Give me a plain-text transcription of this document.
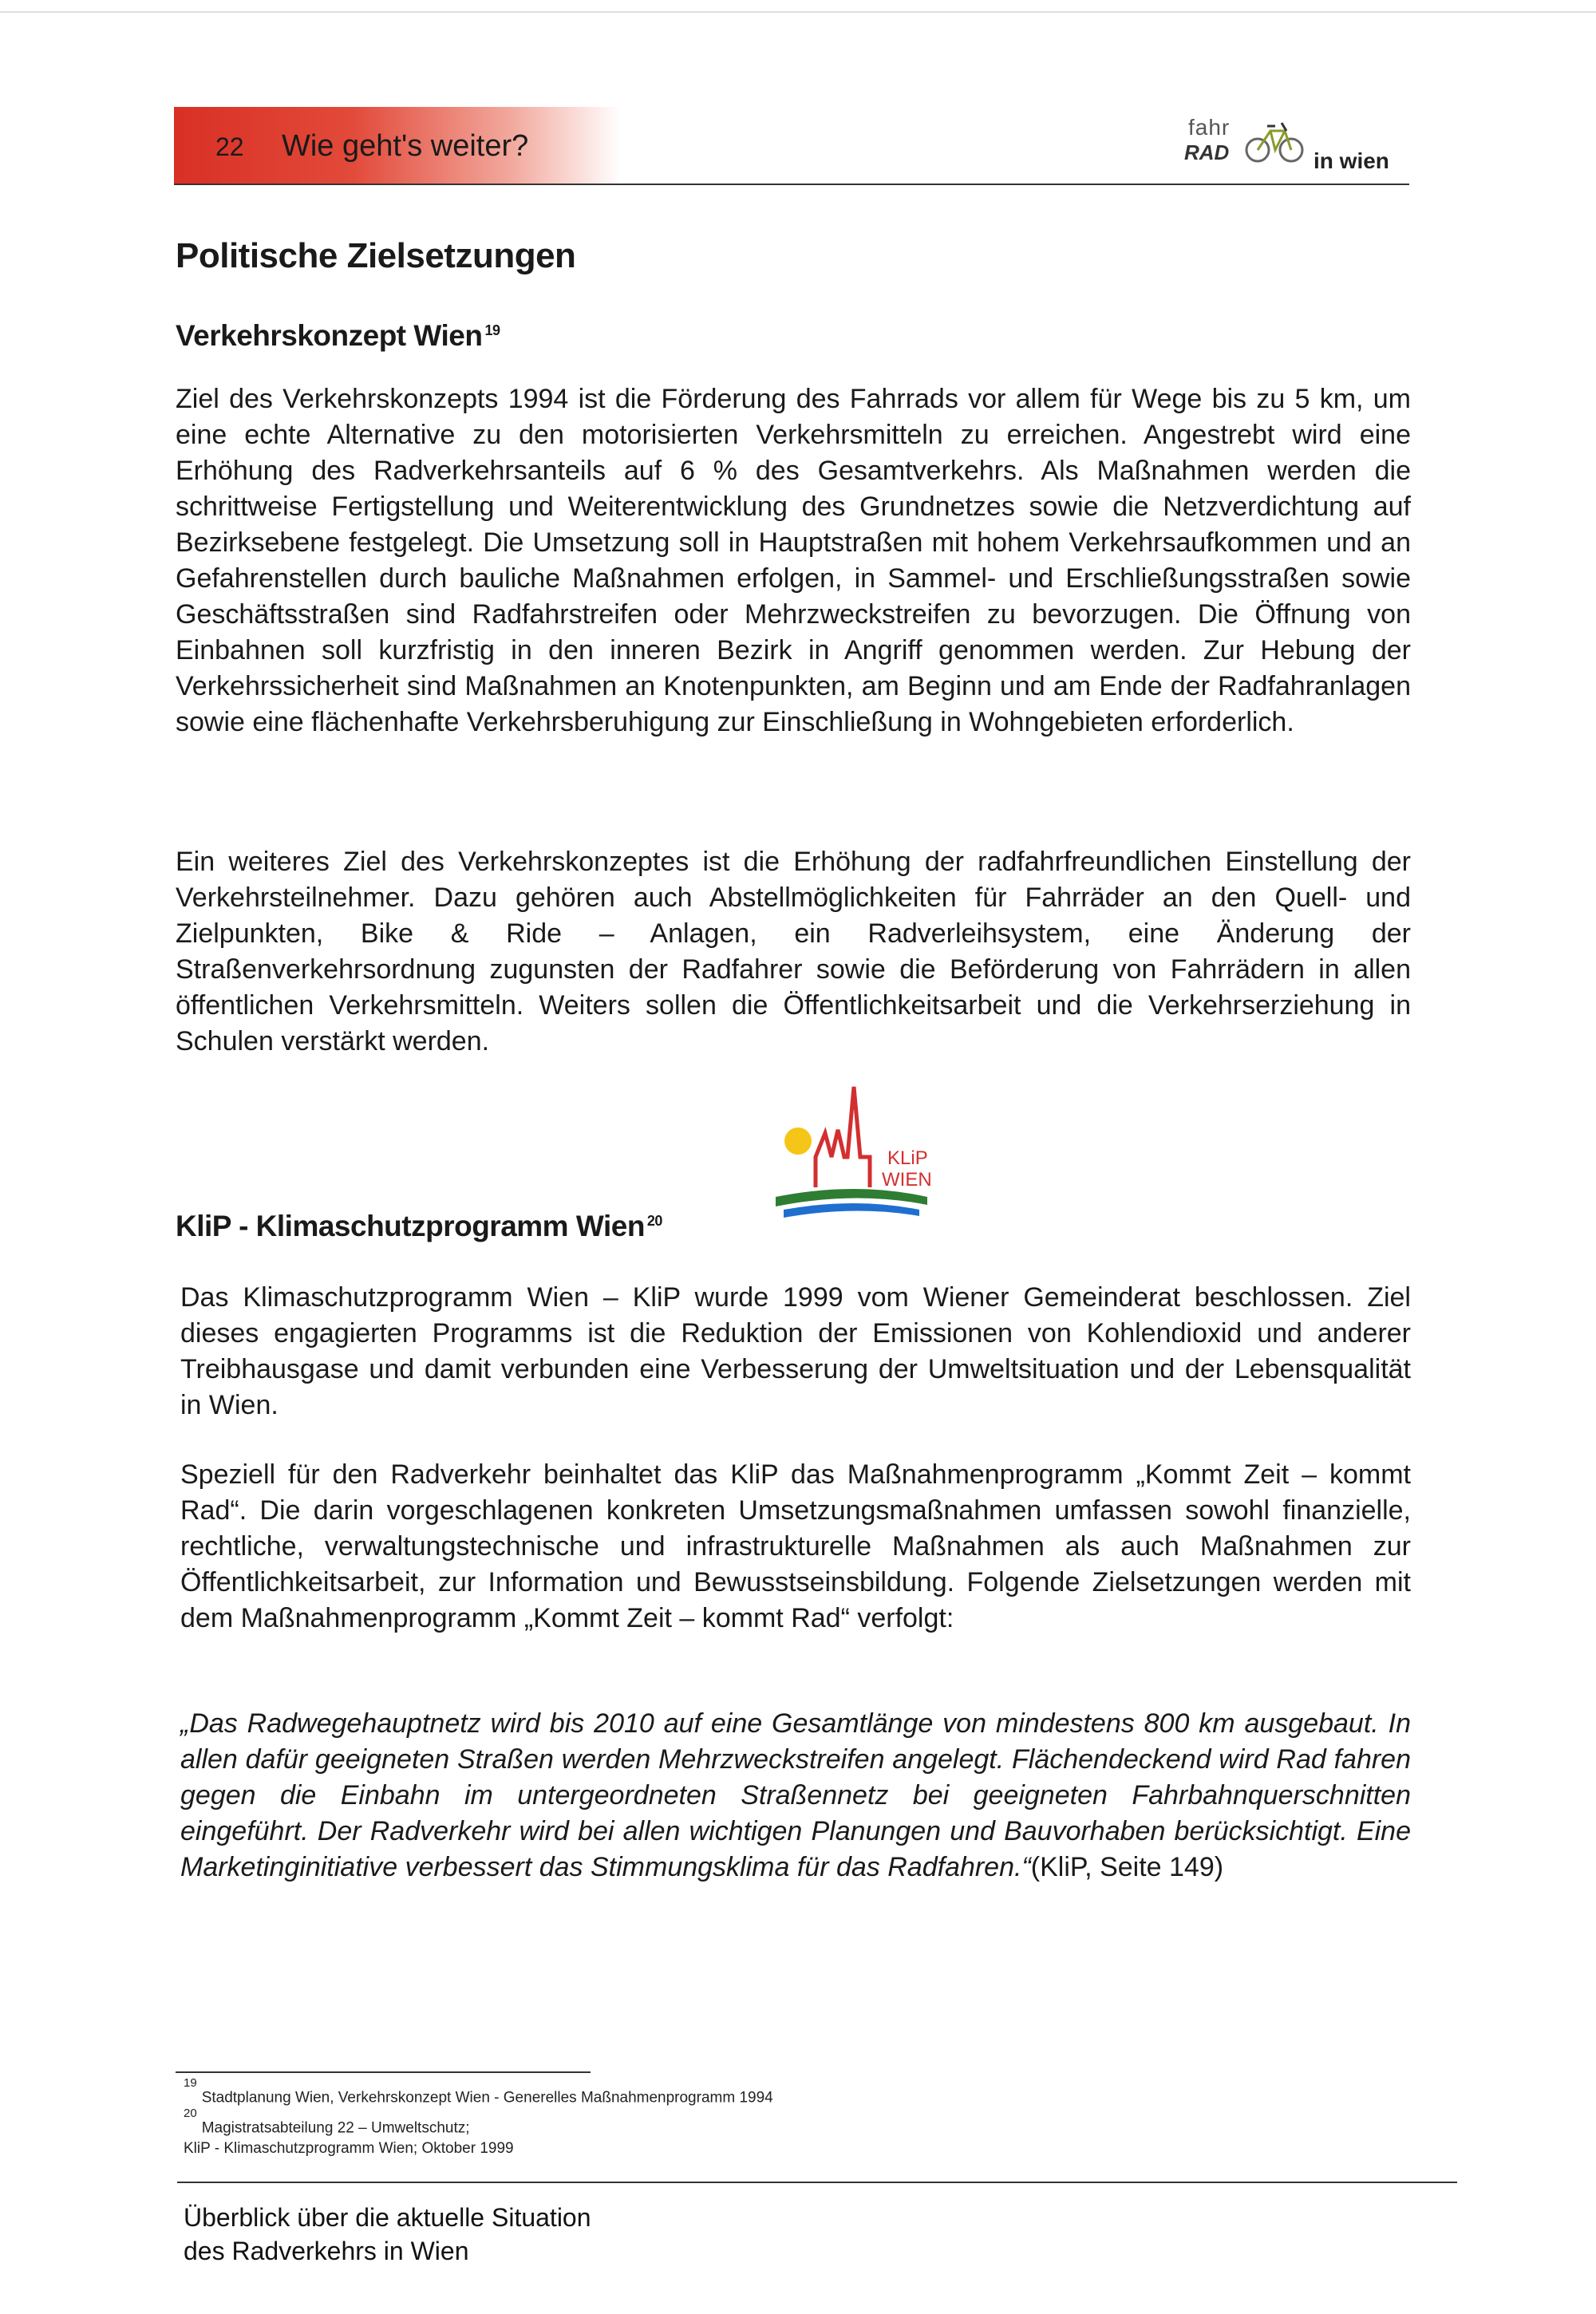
22 Wie geht's weiter?
fahr
RAD	in wien
Politische Zielsetzungen
Verkehrskonzept Wien $^{19}$

Ziel des Verkehrskonzepts 1994 ist die Förderung des Fahrrads vor allem für Wege bis zu 5 km, um eine echte Alternative zu den motorisierten Verkehrsmitteln zu erreichen. Angestrebt wird eine Erhöhung des Radverkehrsanteils auf 6 % des Gesamtverkehrs. Als Maßnahmen werden die schrittweise Fertigstellung und Weiterentwicklung des Grundnetzes sowie die Netzverdichtung auf Bezirksebene festgelegt. Die Umsetzung soll in Hauptstraßen mit hohem Verkehrsaufkommen und an Gefahrenstellen durch bauliche Maßnahmen erfolgen, in Sammel- und Erschließungsstraßen sowie Geschäftsstraßen sind Radfahrstreifen oder Mehrzweckstreifen zu bevorzugen. Die Öffnung von Einbahnen soll kurzfristig in den inneren Bezirk in Angriff genommen werden. Zur Hebung der Verkehrssicherheit sind Maßnahmen an Knotenpunkten, am Beginn und am Ende der Radfahranlagen sowie eine flächenhafte Verkehrsberuhigung zur Einschließung in Wohngebieten erforderlich.

Ein weiteres Ziel des Verkehrskonzeptes ist die Erhöhung der radfahrfreundlichen Einstellung der Verkehrsteilnehmer. Dazu gehören auch Abstellmöglichkeiten für Fahrräder an den Quell- und Zielpunkten, Bike & Ride – Anlagen, ein Radverleihsystem, eine Änderung der Straßenverkehrsordnung zugunsten der Radfahrer sowie die Beförderung von Fahrrädern in allen öffentlichen Verkehrsmitteln. Weiters sollen die Öffentlichkeitsarbeit und die Verkehrserziehung in Schulen verstärkt werden.

KLiP
WIEN
KliP - Klimaschutzprogramm Wien $^{20}$

Das Klimaschutzprogramm Wien – KliP wurde 1999 vom Wiener Gemeinderat beschlossen. Ziel dieses engagierten Programms ist die Reduktion der Emissionen von Kohlendioxid und anderer Treibhausgase und damit verbunden eine Verbesserung der Umweltsituation und der Lebensqualität in Wien.

Speziell für den Radverkehr beinhaltet das KliP das Maßnahmenprogramm „Kommt Zeit – kommt Rad“. Die darin vorgeschlagenen konkreten Umsetzungsmaßnahmen umfassen sowohl finanzielle, rechtliche, verwaltungstechnische und infrastrukturelle Maßnahmen als auch Maßnahmen zur Öffentlichkeitsarbeit, zur Information und Bewusstseinsbildung. Folgende Zielsetzungen werden mit dem Maßnahmenprogramm „Kommt Zeit – kommt Rad“ verfolgt:

„Das Radwegehauptnetz wird bis 2010 auf eine Gesamtlänge von mindestens 800 km ausgebaut. In allen dafür geeigneten Straßen werden Mehrzweckstreifen angelegt. Flächendeckend wird Rad fahren gegen die Einbahn im untergeordneten Straßennetz bei geeigneten Fahrbahnquerschnitten eingeführt. Der Radverkehr wird bei allen wichtigen Planungen und Bauvorhaben berücksichtigt. Eine Marketinginitiative verbessert das Stimmungsklima für das Radfahren.“(KliP, Seite 149)

$^{19}$Stadtplanung Wien, Verkehrskonzept Wien - Generelles Maßnahmenprogramm 1994
$^{20}$Magistratsabteilung 22 – Umweltschutz;
KliP - Klimaschutzprogramm Wien; Oktober 1999
Überblick über die aktuelle Situation
des Radverkehrs in Wien
